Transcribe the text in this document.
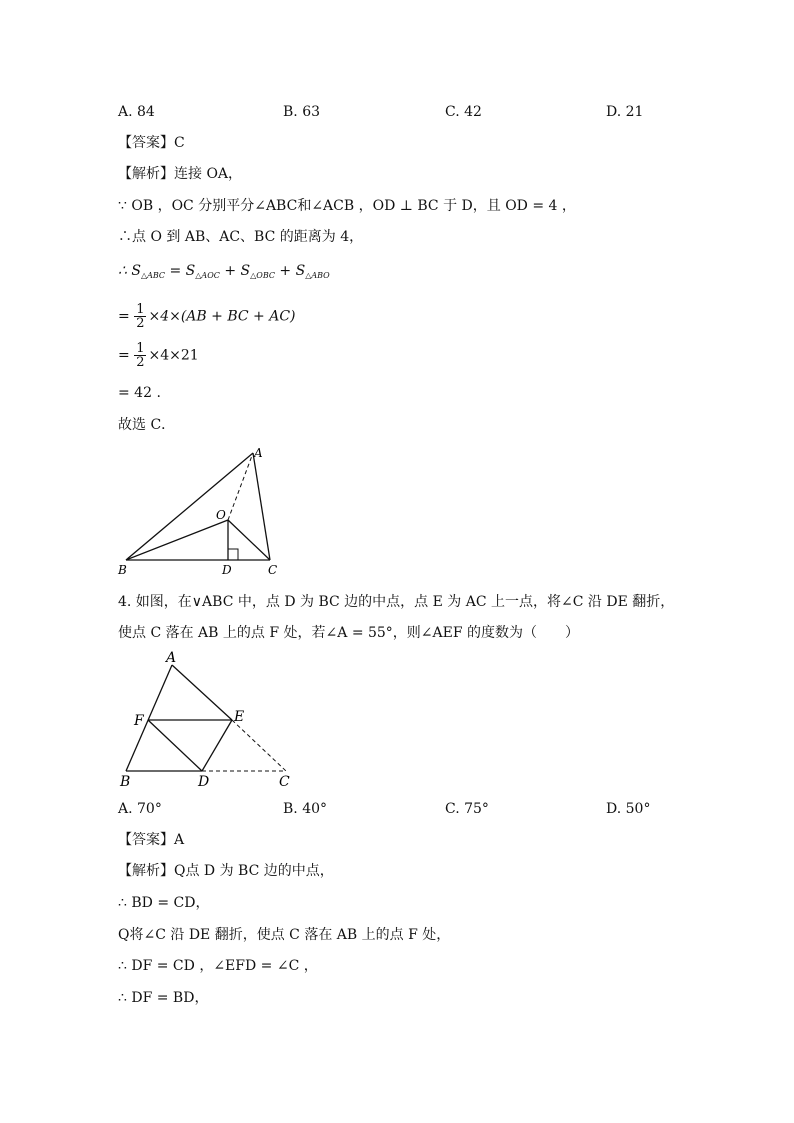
A. 84	B. 63	C. 42	D. 21
【答案】C
【解析】连接 OA，
∵ OB ，OC 分别平分∠ABC和∠ACB ，OD ⊥ BC 于 D，且 OD = 4 ，
∴点 O 到 AB、AC、BC 的距离为 4，
∴ $S_{\triangle ABC} = S_{\triangle AOC} + S_{\triangle OBC} + S_{\triangle ABO}$
= $\frac{1}{2} \times 4\times(AB$ + BC + AC)
= $\frac{1}{2} \times 4\times 21$
= 42 .
故选 C．
A
O
B	D	C
4. 如图，在∨ABC 中，点 D 为 BC 边的中点，点 E 为 AC 上一点，将∠C 沿 DE 翻折，
使点 C 落在 AB 上的点 F 处，若∠A = 55°，则∠AEF 的度数为（　　）
A
F	E
B	D	C
A. 70°	B. 40°	C. 75°	D. 50°
【答案】A
【解析】Q点 D 为 BC 边的中点，
∴ BD = CD，
Q将∠C 沿 DE 翻折，使点 C 落在 AB 上的点 F 处，
∴ DF = CD ，∠EFD = ∠C ，
∴ DF = BD，
